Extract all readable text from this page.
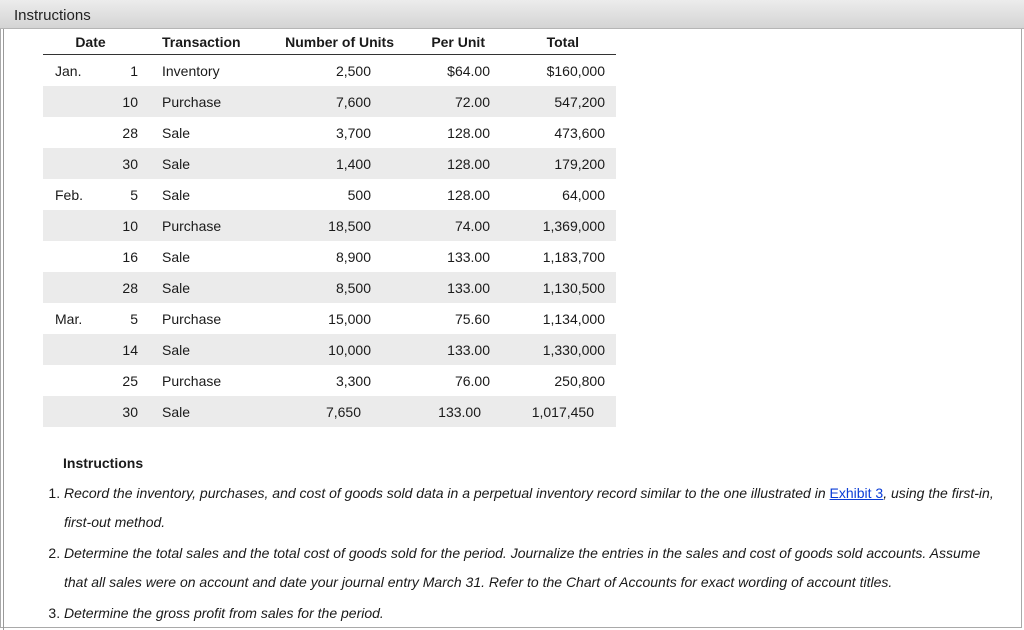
Instructions
Date		Transaction	Number of Units	Per Unit	Total
Jan.	1	Inventory	2,500	$64.00	$160,000
	10	Purchase	7,600	72.00	547,200
	28	Sale	3,700	128.00	473,600
	30	Sale	1,400	128.00	179,200
Feb.	5	Sale	500	128.00	64,000
	10	Purchase	18,500	74.00	1,369,000
	16	Sale	8,900	133.00	1,183,700
	28	Sale	8,500	133.00	1,130,500
Mar.	5	Purchase	15,000	75.60	1,134,000
	14	Sale	10,000	133.00	1,330,000
	25	Purchase	3,300	76.00	250,800
	30	Sale	7,650	133.00	1,017,450
Instructions
1. Record the inventory, purchases, and cost of goods sold data in a perpetual inventory record similar to the one illustrated in Exhibit 3, using the first-in, first-out method.
2. Determine the total sales and the total cost of goods sold for the period. Journalize the entries in the sales and cost of goods sold accounts. Assume that all sales were on account and date your journal entry March 31. Refer to the Chart of Accounts for exact wording of account titles.
3. Determine the gross profit from sales for the period.
